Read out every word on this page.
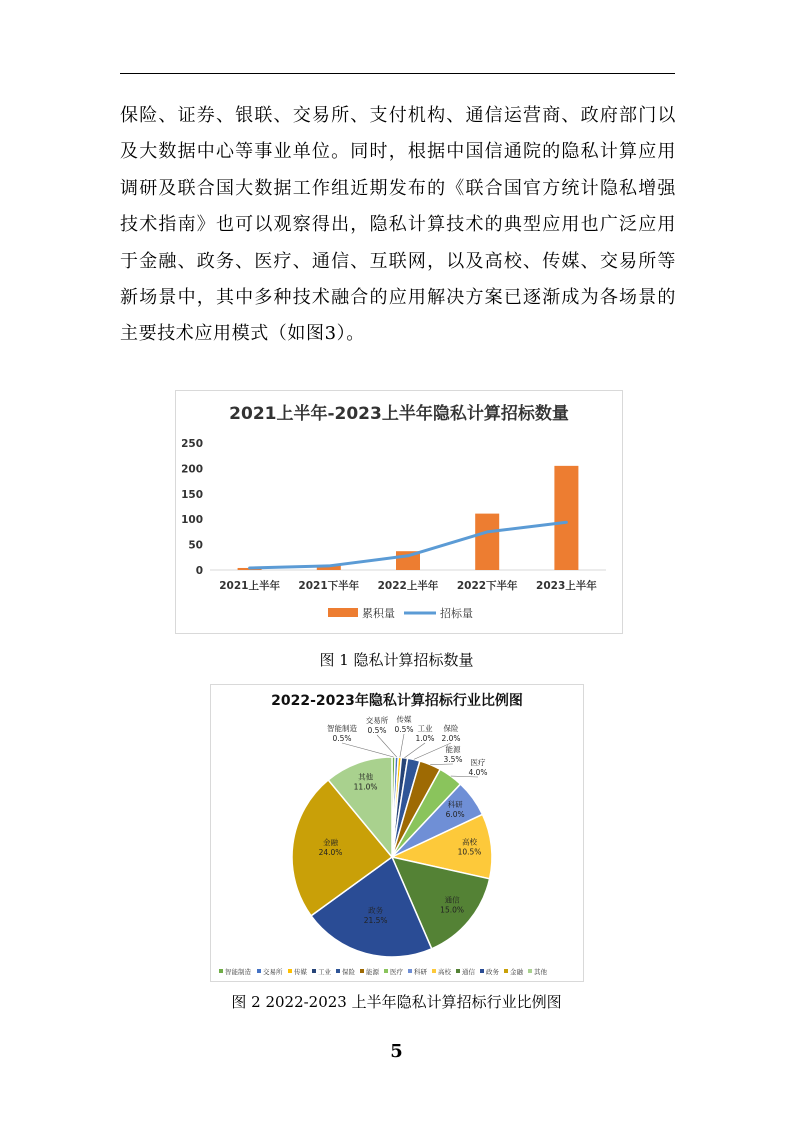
保险、证券、银联、交易所、支付机构、通信运营商、政府部门以及大数据中心等事业单位。同时，根据中国信通院的隐私计算应用调研及联合国大数据工作组近期发布的《联合国官方统计隐私增强技术指南》也可以观察得出，隐私计算技术的典型应用也广泛应用于金融、政务、医疗、通信、互联网，以及高校、传媒、交易所等新场景中，其中多种技术融合的应用解决方案已逐渐成为各场景的主要技术应用模式（如图3）。

2021上半年-2023上半年隐私计算招标数量
0
50
100
150
200
250
2021上半年 2021下半年 2022上半年 2022下半年 2023上半年
累积量	招标量
图 1 隐私计算招标数量
2022-2023年隐私计算招标行业比例图
智能制造
0.5%
交易所
0.5%
传媒
0.5% 工业
1.0%
保险
2.0%
能源
3.5% 医疗
4.0%
科研
6.0%
高校
10.5%
通信
15.0%
政务
21.5%
金融
24.0%
其他
11.0%
智能制造 交易所 传媒 工业 保险 能源 医疗 科研 高校 通信 政务 金融 其他
图 2 2022-2023 上半年隐私计算招标行业比例图
5
